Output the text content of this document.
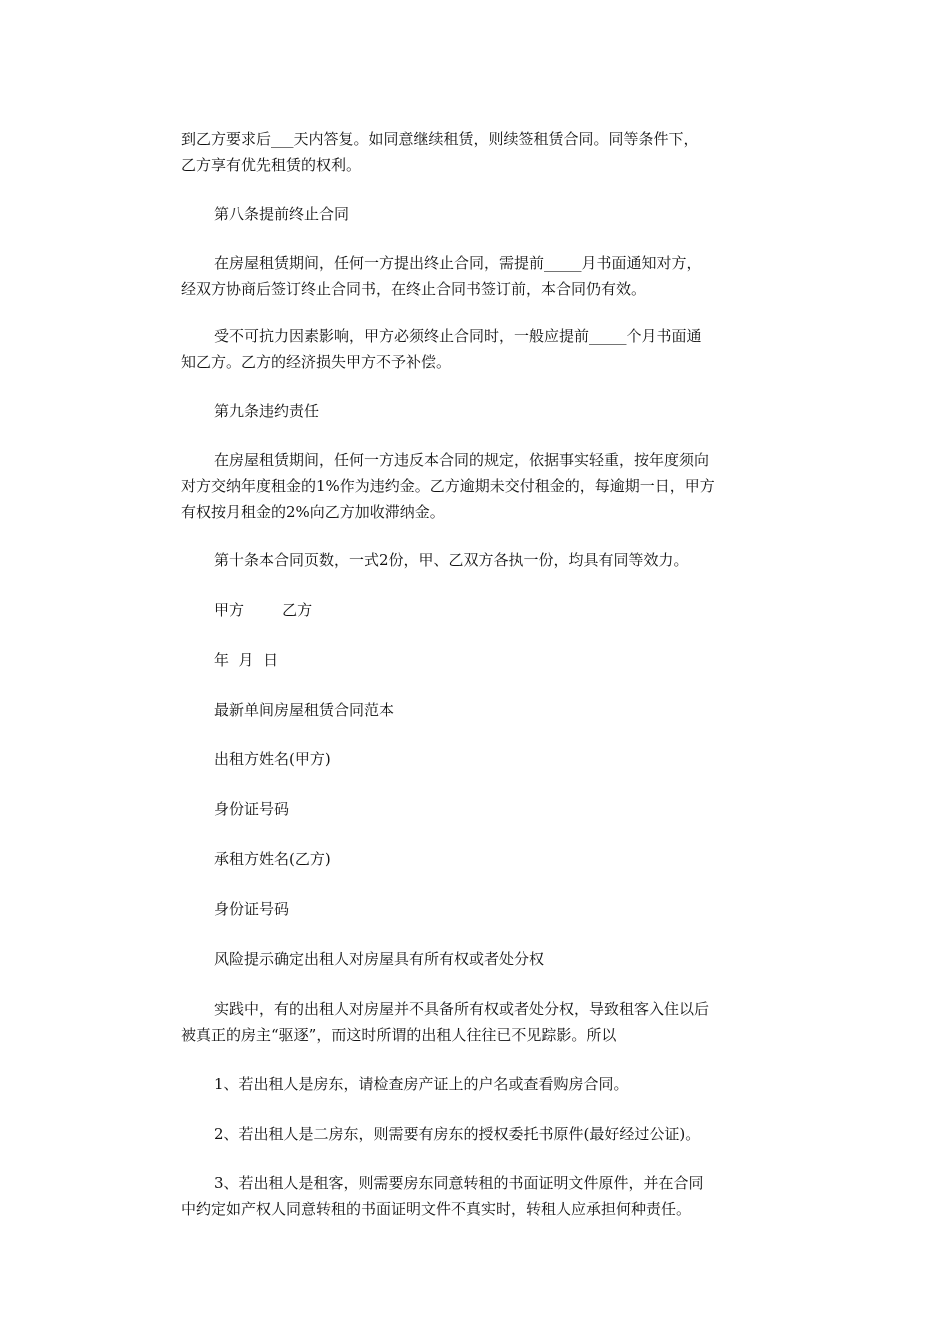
到乙方要求后___天内答复。如同意继续租赁，则续签租赁合同。同等条件下，
乙方享有优先租赁的权利。

第八条提前终止合同

在房屋租赁期间，任何一方提出终止合同，需提前_____月书面通知对方，
经双方协商后签订终止合同书，在终止合同书签订前，本合同仍有效。

受不可抗力因素影响，甲方必须终止合同时，一般应提前_____个月书面通
知乙方。乙方的经济损失甲方不予补偿。

第九条违约责任

在房屋租赁期间，任何一方违反本合同的规定，依据事实轻重，按年度须向
对方交纳年度租金的1%作为违约金。乙方逾期未交付租金的，每逾期一日，甲方
有权按月租金的2%向乙方加收滞纳金。

第十条本合同页数，一式2份，甲、乙双方各执一份，均具有同等效力。

甲方        乙方

年  月  日

最新单间房屋租赁合同范本

出租方姓名(甲方)

身份证号码

承租方姓名(乙方)

身份证号码

风险提示确定出租人对房屋具有所有权或者处分权

实践中，有的出租人对房屋并不具备所有权或者处分权，导致租客入住以后
被真正的房主“驱逐”，而这时所谓的出租人往往已不见踪影。所以

1、若出租人是房东，请检查房产证上的户名或查看购房合同。

2、若出租人是二房东，则需要有房东的授权委托书原件(最好经过公证)。

3、若出租人是租客，则需要房东同意转租的书面证明文件原件，并在合同
中约定如产权人同意转租的书面证明文件不真实时，转租人应承担何种责任。
